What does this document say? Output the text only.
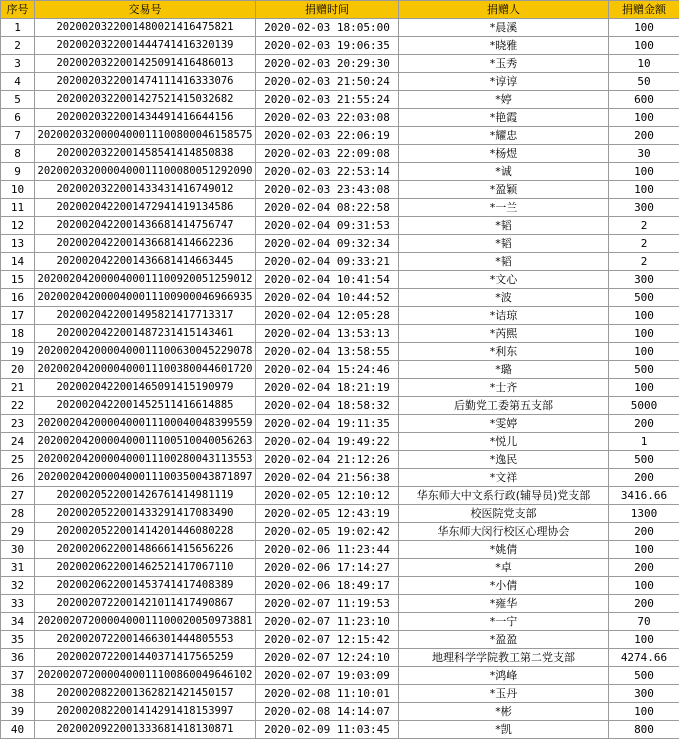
序号	交易号	捐赠时间	捐赠人	捐赠金额
1	2020020322001480021416475821	2020-02-03 18:05:00	*晨溪	100
2	2020020322001444741416320139	2020-02-03 19:06:35	*晓雅	100
3	2020020322001425091416486013	2020-02-03 20:29:30	*玉秀	10
4	2020020322001474111416333076	2020-02-03 21:50:24	*谆谆	50
5	2020020322001427521415032682	2020-02-03 21:55:24	*婷	600
6	2020020322001434491416644156	2020-02-03 22:03:08	*艳霞	100
7	2020020320000400011100800046158575	2020-02-03 22:06:19	*耀忠	200
8	2020020322001458541414850838	2020-02-03 22:09:08	*杨煜	30
9	2020020320000400011100080051292090	2020-02-03 22:53:14	*诚	100
10	2020020322001433431416749012	2020-02-03 23:43:08	*盈颖	100
11	2020020422001472941419134586	2020-02-04 08:22:58	*一兰	300
12	2020020422001436681414756747	2020-02-04 09:31:53	*韬	2
13	2020020422001436681414662236	2020-02-04 09:32:34	*韬	2
14	2020020422001436681414663445	2020-02-04 09:33:21	*韬	2
15	2020020420000400011100920051259012	2020-02-04 10:41:54	*文心	300
16	2020020420000400011100900046966935	2020-02-04 10:44:52	*波	500
17	2020020422001495821417713317	2020-02-04 12:05:28	*诘琼	100
18	2020020422001487231415143461	2020-02-04 13:53:13	*芮熙	100
19	2020020420000400011100630045229078	2020-02-04 13:58:55	*利东	100
20	2020020420000400011100380044601720	2020-02-04 15:24:46	*璐	500
21	2020020422001465091415190979	2020-02-04 18:21:19	*士齐	100
22	2020020422001452511416614885	2020-02-04 18:58:32	后勤党工委第五支部	5000
23	2020020420000400011100040048399559	2020-02-04 19:11:35	*雯婷	200
24	2020020420000400011100510040056263	2020-02-04 19:49:22	*悦儿	1
25	2020020420000400011100280043113553	2020-02-04 21:12:26	*逸民	500
26	2020020420000400011100350043871897	2020-02-04 21:56:38	*文祥	200
27	2020020522001426761414981119	2020-02-05 12:10:12	华东师大中文系行政(辅导员)党支部	3416.66
28	2020020522001433291417083490	2020-02-05 12:43:19	校医院党支部	1300
29	2020020522001414201446080228	2020-02-05 19:02:42	华东师大闵行校区心理协会	200
30	2020020622001486661415656226	2020-02-06 11:23:44	*姚倩	100
31	2020020622001462521417067110	2020-02-06 17:14:27	*卓	200
32	2020020622001453741417408389	2020-02-06 18:49:17	*小倩	100
33	2020020722001421011417490867	2020-02-07 11:19:53	*雍华	200
34	2020020720000400011100020050973881	2020-02-07 11:23:10	*一宁	70
35	2020020722001466301444805553	2020-02-07 12:15:42	*盈盈	100
36	2020020722001440371417565259	2020-02-07 12:24:10	地理科学学院教工第二党支部	4274.66
37	2020020720000400011100860049646102	2020-02-07 19:03:09	*鸿峰	500
38	2020020822001362821421450157	2020-02-08 11:10:01	*玉丹	300
39	2020020822001414291418153997	2020-02-08 14:14:07	*彬	100
40	2020020922001333681418130871	2020-02-09 11:03:45	*凯	800
